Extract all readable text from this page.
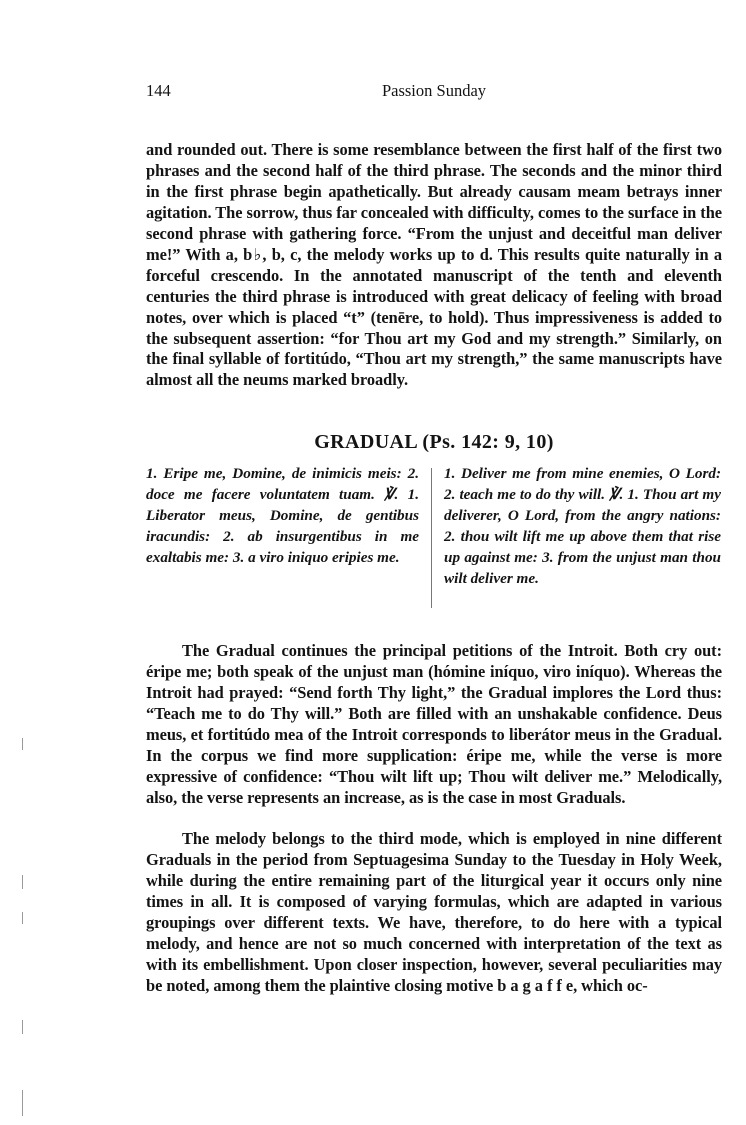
144	Passion Sunday

and rounded out. There is some resemblance between the first half of the first two phrases and the second half of the third phrase. The seconds and the minor third in the first phrase begin apathetically. But already causam meam betrays inner agitation. The sorrow, thus far concealed with difficulty, comes to the surface in the second phrase with gathering force. “From the unjust and deceitful man deliver me!” With a, b♭, b, c, the melody works up to d. This results quite naturally in a forceful crescendo. In the annotated manuscript of the tenth and eleventh centuries the third phrase is introduced with great delicacy of feeling with broad notes, over which is placed “t” (tenēre, to hold). Thus impressiveness is added to the subsequent assertion: “for Thou art my God and my strength.” Similarly, on the final syllable of fortitúdo, “Thou art my strength,” the same manuscripts have almost all the neums marked broadly.

GRADUAL (Ps. 142: 9, 10)
1. Eripe me, Domine, de inimicis meis: 2. doce me facere voluntatem tuam. ℣. 1. Liberator meus, Domine, de gentibus iracundis: 2. ab insurgentibus in me exaltabis me: 3. a viro iniquo eripies me.
1. Deliver me from mine enemies, O Lord: 2. teach me to do thy will. ℣. 1. Thou art my deliverer, O Lord, from the angry nations: 2. thou wilt lift me up above them that rise up against me: 3. from the unjust man thou wilt deliver me.

The Gradual continues the principal petitions of the Introit. Both cry out: éripe me; both speak of the unjust man (hómine iníquo, viro iníquo). Whereas the Introit had prayed: “Send forth Thy light,” the Gradual implores the Lord thus: “Teach me to do Thy will.” Both are filled with an unshakable confidence. Deus meus, et fortitúdo mea of the Introit corresponds to liberátor meus in the Gradual. In the corpus we find more supplication: éripe me, while the verse is more expressive of confidence: “Thou wilt lift up; Thou wilt deliver me.” Melodically, also, the verse represents an increase, as is the case in most Graduals.

The melody belongs to the third mode, which is employed in nine different Graduals in the period from Septuagesima Sunday to the Tuesday in Holy Week, while during the entire remaining part of the liturgical year it occurs only nine times in all. It is composed of varying formulas, which are adapted in various groupings over different texts. We have, therefore, to do here with a typical melody, and hence are not so much concerned with interpretation of the text as with its embellishment. Upon closer inspection, however, several peculiarities may be noted, among them the plaintive closing motive b a g a f f e, which oc-
